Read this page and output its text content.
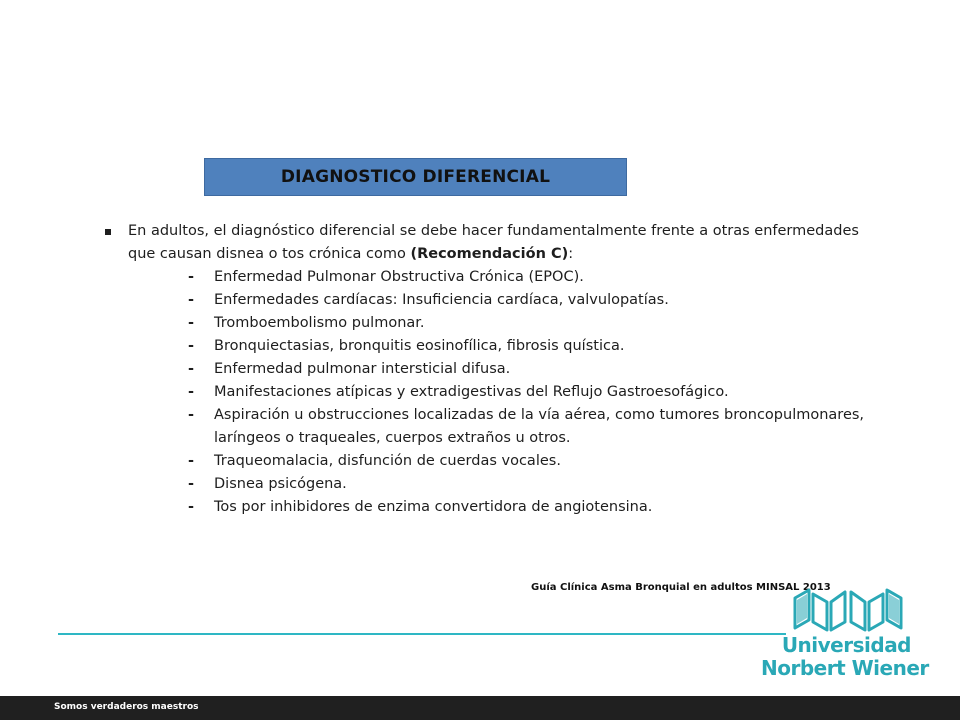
DIAGNOSTICO DIFERENCIAL
En adultos, el diagnóstico diferencial se debe hacer fundamentalmente frente a otras enfermedades
que causan disnea o tos crónica como (Recomendación C):
- Enfermedad Pulmonar Obstructiva Crónica (EPOC).
- Enfermedades cardíacas: Insuficiencia cardíaca, valvulopatías.
- Tromboembolismo pulmonar.
- Bronquiectasias, bronquitis eosinofílica, fibrosis quística.
- Enfermedad pulmonar intersticial difusa.
- Manifestaciones atípicas y extradigestivas del Reflujo Gastroesofágico.
- Aspiración u obstrucciones localizadas de la vía aérea, como tumores broncopulmonares, laríngeos o traqueales, cuerpos extraños u otros.
- Traqueomalacia, disfunción de cuerdas vocales.
- Disnea psicógena.
- Tos por inhibidores de enzima convertidora de angiotensina.
Guía Clínica Asma Bronquial en adultos MINSAL 2013
Universidad
Norbert Wiener
Somos verdaderos maestros
